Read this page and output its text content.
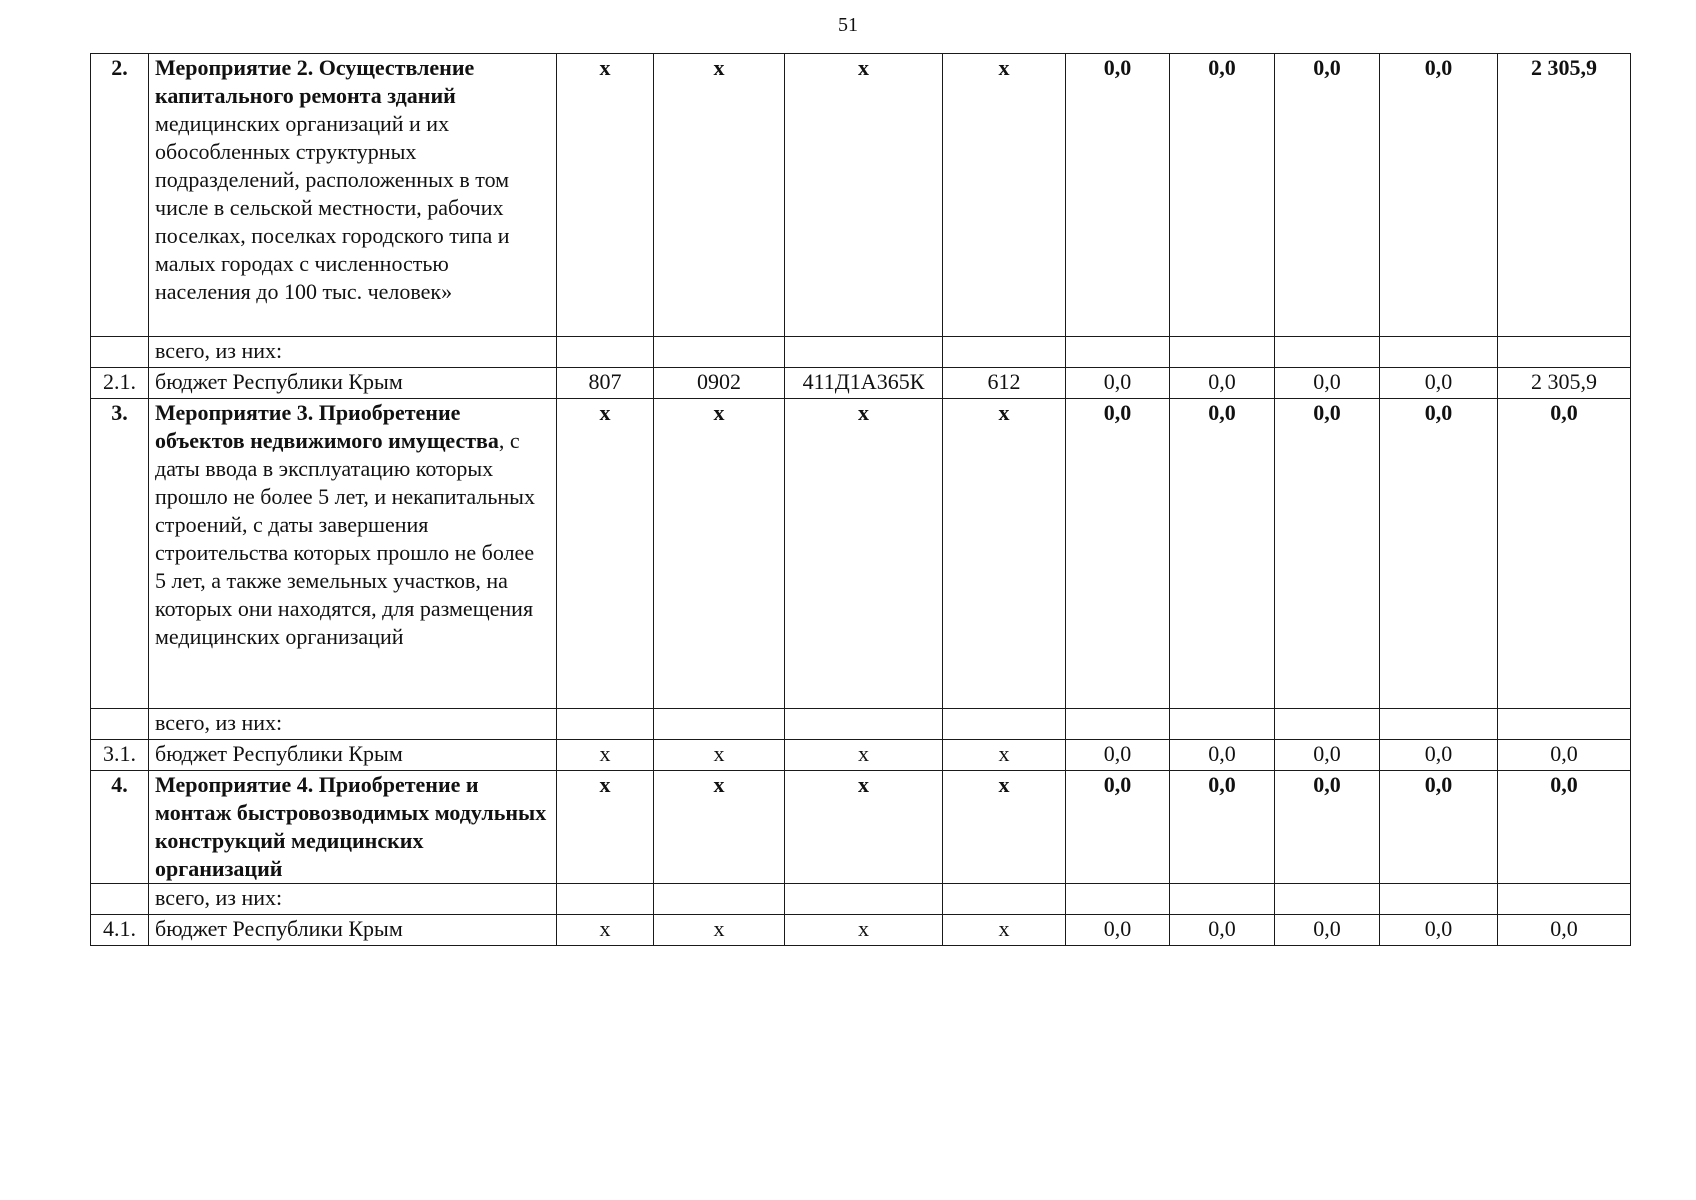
51
2.	Мероприятие 2. Осуществление капитального ремонта зданий медицинских организаций и их обособленных структурных подразделений, расположенных в том числе в сельской местности, рабочих поселках, поселках городского типа и малых городах с численностью населения до 100 тыс. человек»	х	х	х	х	0,0	0,0	0,0	0,0	2 305,9
	всего, из них:									
2.1.	бюджет Республики Крым	807	0902	411Д1А365К	612	0,0	0,0	0,0	0,0	2 305,9
3.	Мероприятие 3. Приобретение объектов недвижимого имущества, с даты ввода в эксплуатацию которых прошло не более 5 лет, и некапитальных строений, с даты завершения строительства которых прошло не более 5 лет, а также земельных участков, на которых они находятся, для размещения медицинских организаций	х	х	х	х	0,0	0,0	0,0	0,0	0,0
	всего, из них:									
3.1.	бюджет Республики Крым	х	х	х	х	0,0	0,0	0,0	0,0	0,0
4.	Мероприятие 4. Приобретение и монтаж быстровозводимых модульных конструкций медицинских организаций	х	х	х	х	0,0	0,0	0,0	0,0	0,0
	всего, из них:									
4.1.	бюджет Республики Крым	х	х	х	х	0,0	0,0	0,0	0,0	0,0
